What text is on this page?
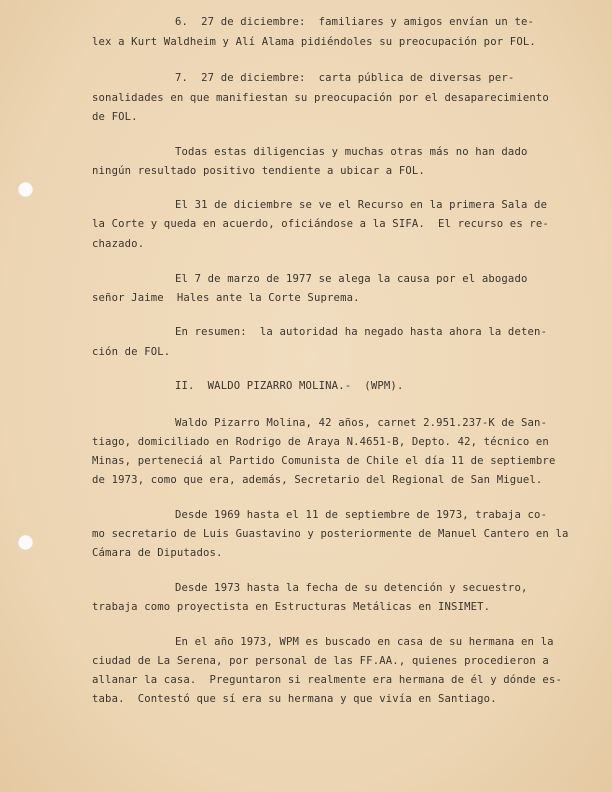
6.  27 de diciembre:  familiares y amigos envían un te-
lex a Kurt Waldheim y Alí Alama pidiéndoles su preocupación por FOL.
7.  27 de diciembre:  carta pública de diversas per-
sonalidades en que manifiestan su preocupación por el desaparecimiento
de FOL.
Todas estas diligencias y muchas otras más no han dado
ningún resultado positivo tendiente a ubicar a FOL.
El 31 de diciembre se ve el Recurso en la primera Sala de
la Corte y queda en acuerdo, oficiándose a la SIFA.  El recurso es re-
chazado.
El 7 de marzo de 1977 se alega la causa por el abogado
señor Jaime  Hales ante la Corte Suprema.
En resumen:  la autoridad ha negado hasta ahora la deten-
ción de FOL.
II.  WALDO PIZARRO MOLINA.-  (WPM).
Waldo Pizarro Molina, 42 años, carnet 2.951.237-K de San-
tiago, domiciliado en Rodrigo de Araya N.4651-B, Depto. 42, técnico en
Minas, perteneciá al Partido Comunista de Chile el día 11 de septiembre
de 1973, como que era, además, Secretario del Regional de San Miguel.
Desde 1969 hasta el 11 de septiembre de 1973, trabaja co-
mo secretario de Luis Guastavino y posteriormente de Manuel Cantero en la
Cámara de Diputados.
Desde 1973 hasta la fecha de su detención y secuestro,
trabaja como proyectista en Estructuras Metálicas en INSIMET.
En el año 1973, WPM es buscado en casa de su hermana en la
ciudad de La Serena, por personal de las FF.AA., quienes procedieron a
allanar la casa.  Preguntaron si realmente era hermana de él y dónde es-
taba.  Contestó que sí era su hermana y que vivía en Santiago.
